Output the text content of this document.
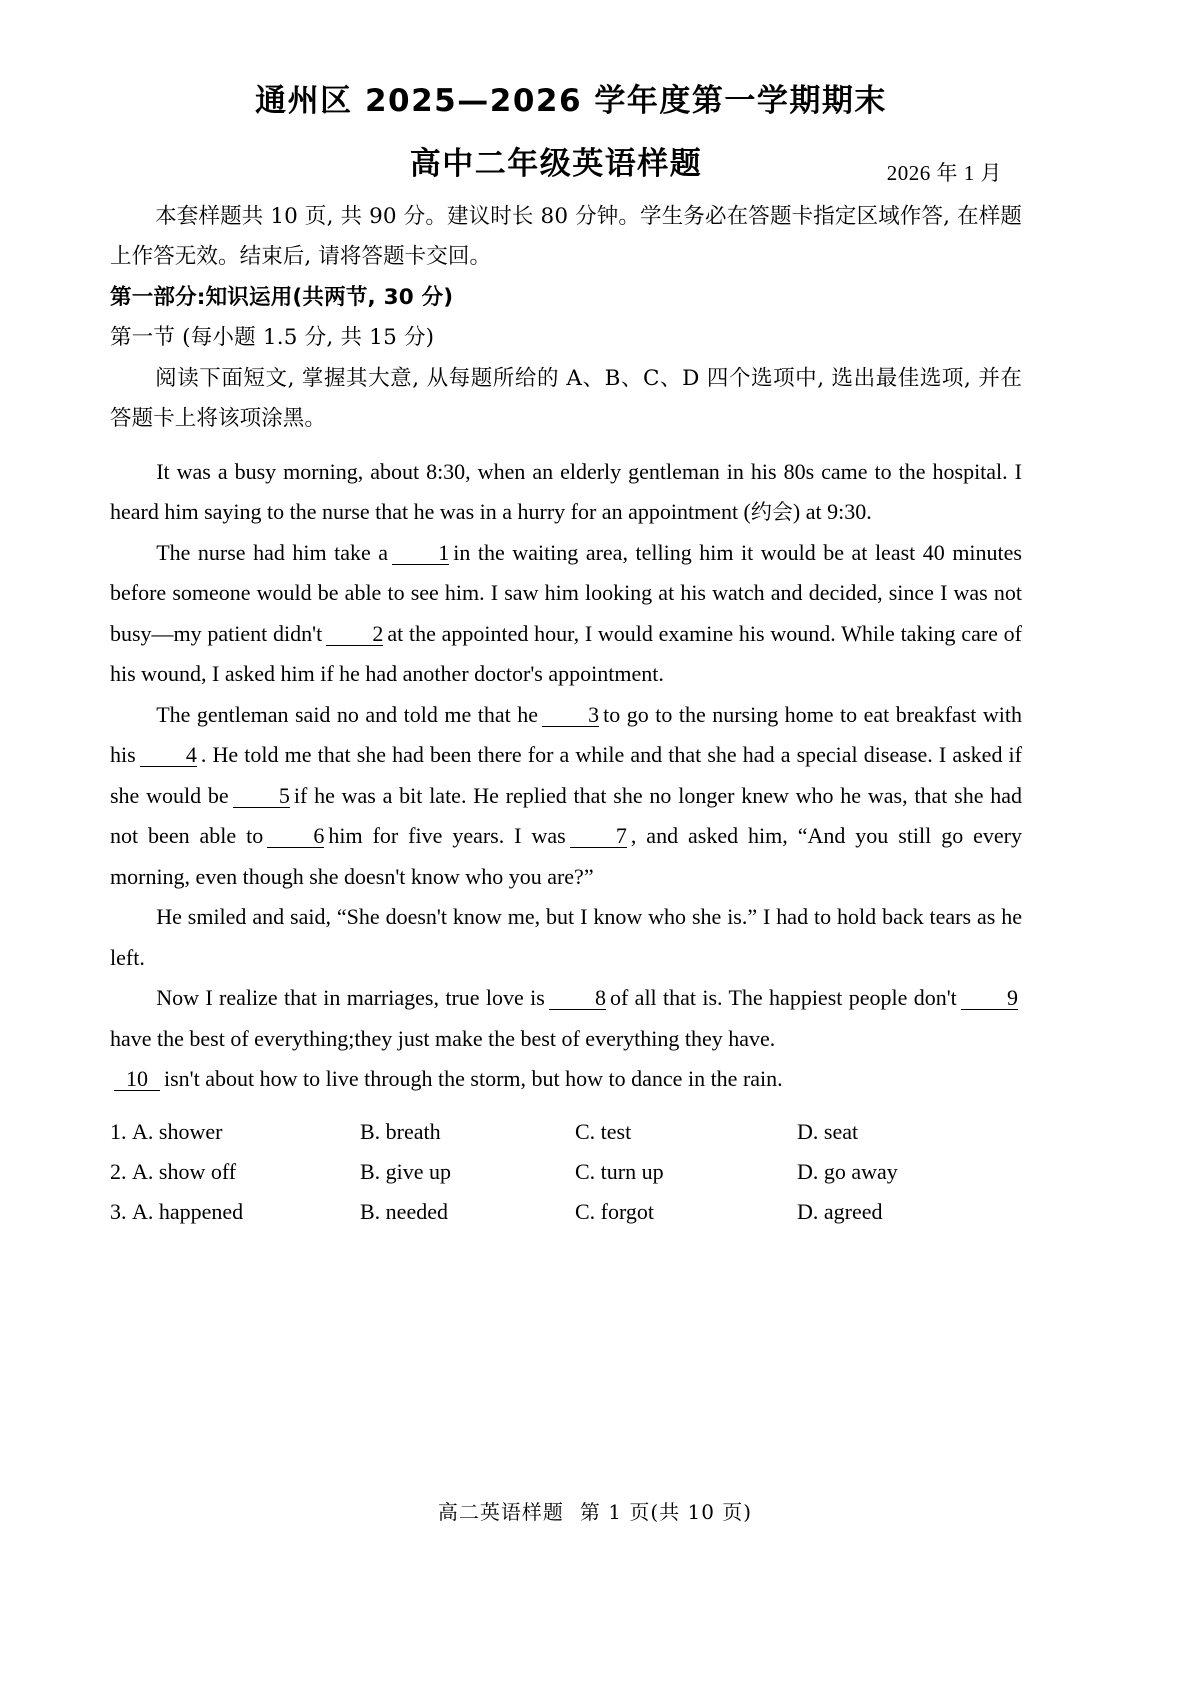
通州区 2025—2026 学年度第一学期期末
高中二年级英语样题	2026 年 1 月

本套样题共 10 页, 共 90 分。建议时长 80 分钟。学生务必在答题卡指定区域作答, 在样题上作答无效。结束后, 请将答题卡交回。

第一部分:知识运用(共两节, 30 分)

第一节 (每小题 1.5 分, 共 15 分)

阅读下面短文, 掌握其大意, 从每题所给的 A、B、C、D 四个选项中, 选出最佳选项, 并在答题卡上将该项涂黑。

It was a busy morning, about 8:30, when an elderly gentleman in his 80s came to the hospital. I heard him saying to the nurse that he was in a hurry for an appointment (约会) at 9:30.

The nurse had him take a 1 in the waiting area, telling him it would be at least 40 minutes before someone would be able to see him. I saw him looking at his watch and decided, since I was not busy—my patient didn't 2 at the appointed hour, I would examine his wound. While taking care of his wound, I asked him if he had another doctor's appointment.

The gentleman said no and told me that he 3 to go to the nursing home to eat breakfast with his 4 . He told me that she had been there for a while and that she had a special disease. I asked if she would be 5 if he was a bit late. He replied that she no longer knew who he was, that she had not been able to 6 him for five years. I was 7 , and asked him, “And you still go every morning, even though she doesn't know who you are?”

He smiled and said, “She doesn't know me, but I know who she is.” I had to hold back tears as he left.

Now I realize that in marriages, true love is 8 of all that is. The happiest people don't 9have the best of everything;they just make the best of everything they have.

10 isn't about how to live through the storm, but how to dance in the rain.

1. A. shower	B. breath	C. test	D. seat
2. A. show off	B. give up	C. turn up	D. go away
3. A. happened	B. needed	C. forgot	D. agreed
高二英语样题 第 1 页(共 10 页)
